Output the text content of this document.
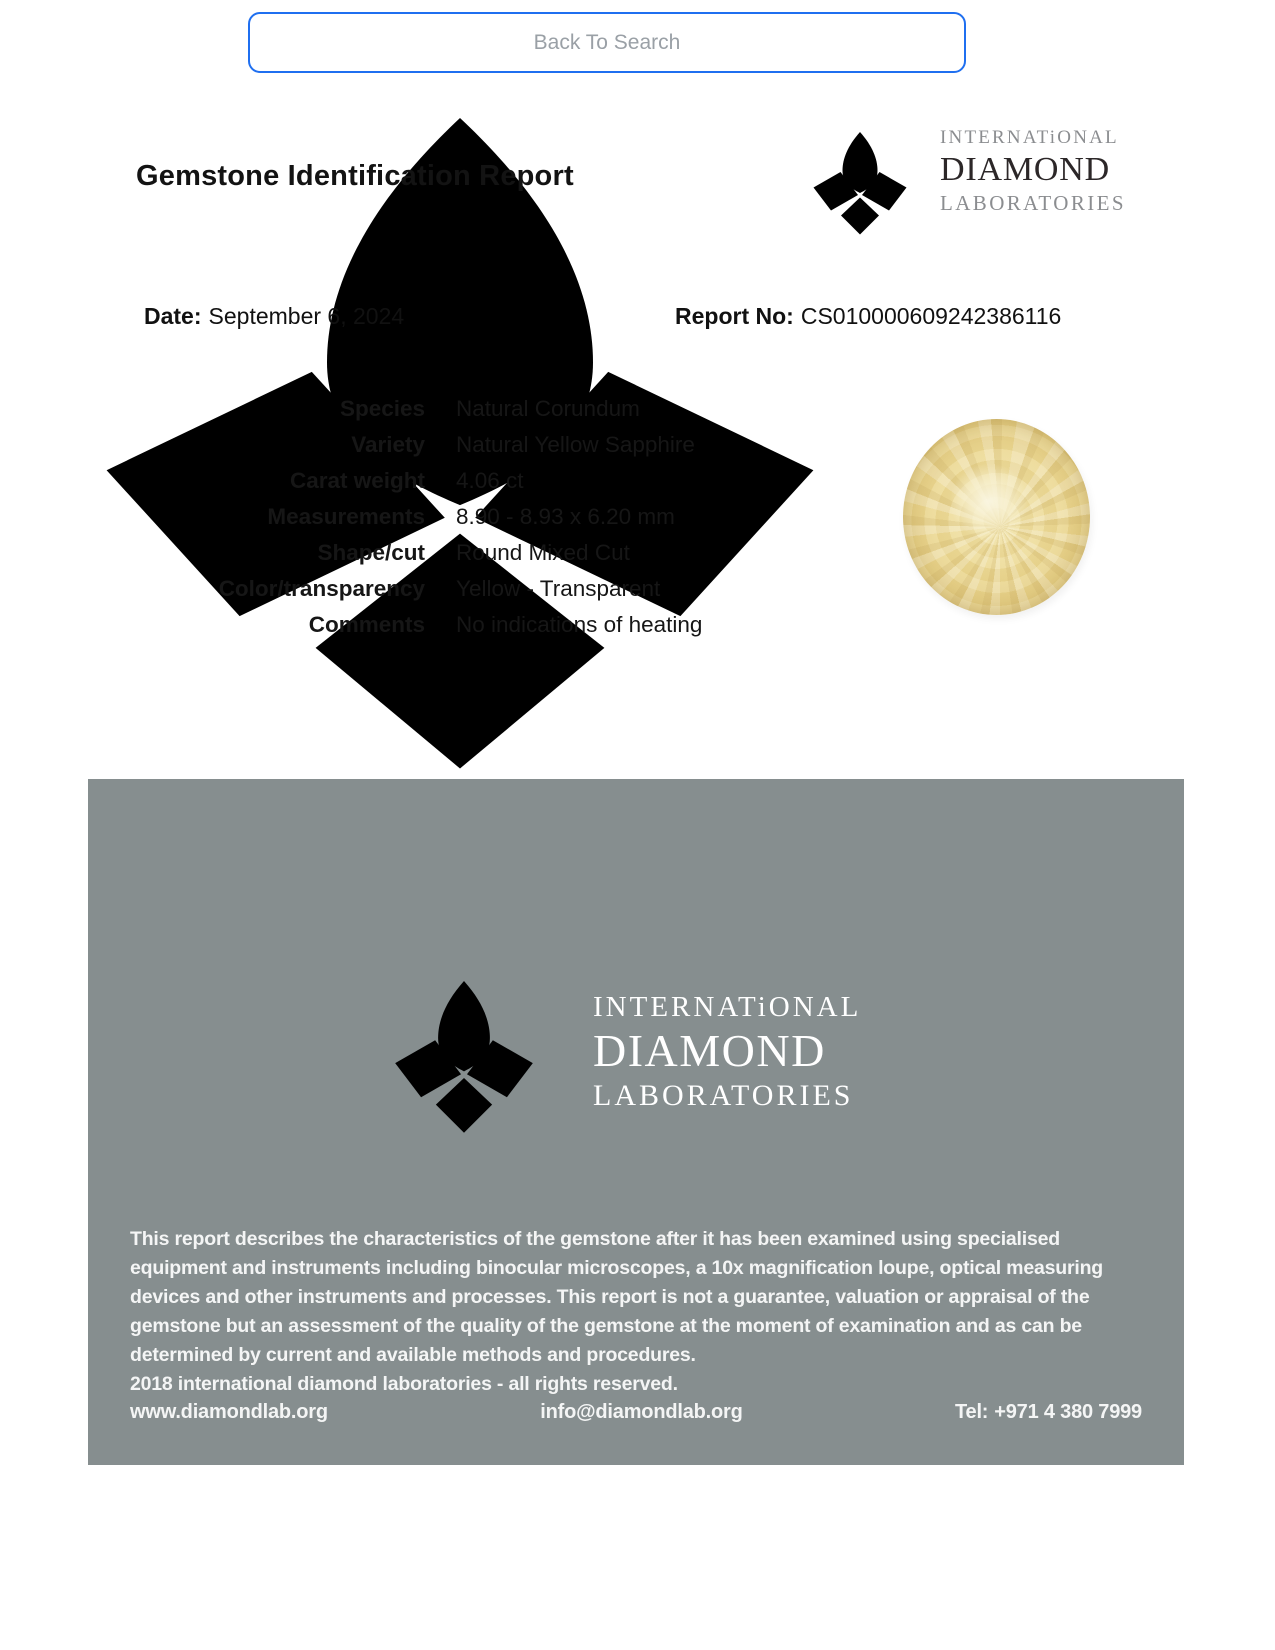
Back To Search
Gemstone Identification Report
INTERNATiONAL
DIAMOND
LABORATORIES
Date: September 6, 2024	Report No: CS010000609242386116
Species Natural Corundum
Variety Natural Yellow Sapphire
Carat weight 4.06 ct
Measurements 8.90 - 8.93 x 6.20 mm
Shape/cut Round Mixed Cut
Color/transparency Yellow - Transparent
Comments No indications of heating
INTERNATiONAL
DIAMOND
LABORATORIES

This report describes the characteristics of the gemstone after it has been examined using specialised equipment and instruments including binocular microscopes, a 10x magnification loupe, optical measuring devices and other instruments and processes. This report is not a guarantee, valuation or appraisal of the gemstone but an assessment of the quality of the gemstone at the moment of examination and as can be determined by current and available methods and procedures.

2018 international diamond laboratories - all rights reserved.

www.diamondlab.org	info@diamondlab.org	Tel: +971 4 380 7999
